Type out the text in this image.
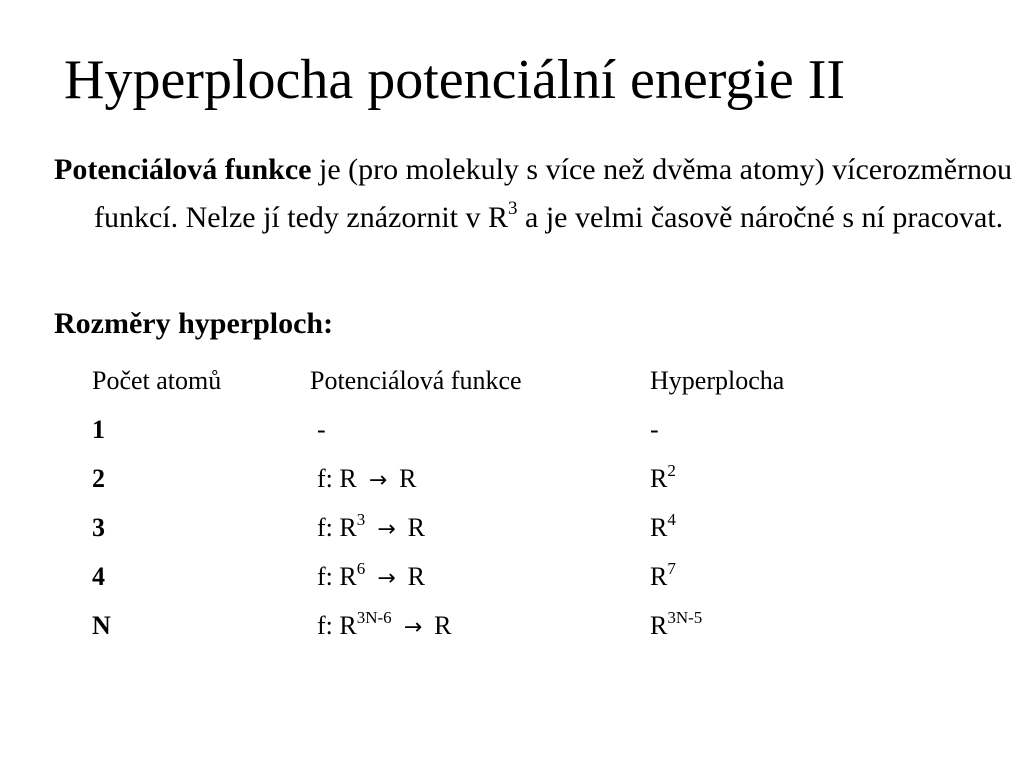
Hyperplocha potenciální energie II

Potenciálová funkce je (pro molekuly s více než dvěma atomy) vícerozměrnou funkcí. Nelze jí tedy znázornit v $R^3$ a je velmi časově náročné s ní pracovat.

Rozměry hyperploch:

Počet atomů	Potenciálová funkce	Hyperplocha
1	-	-
2	f: R → R	$R^2$
3	f: $R^3 \to R$	$R^4$
4	f: $R^6 \to R$	$R^7$
N	f: $R^{3N-6} \to R$	$R^{3N-5}$
